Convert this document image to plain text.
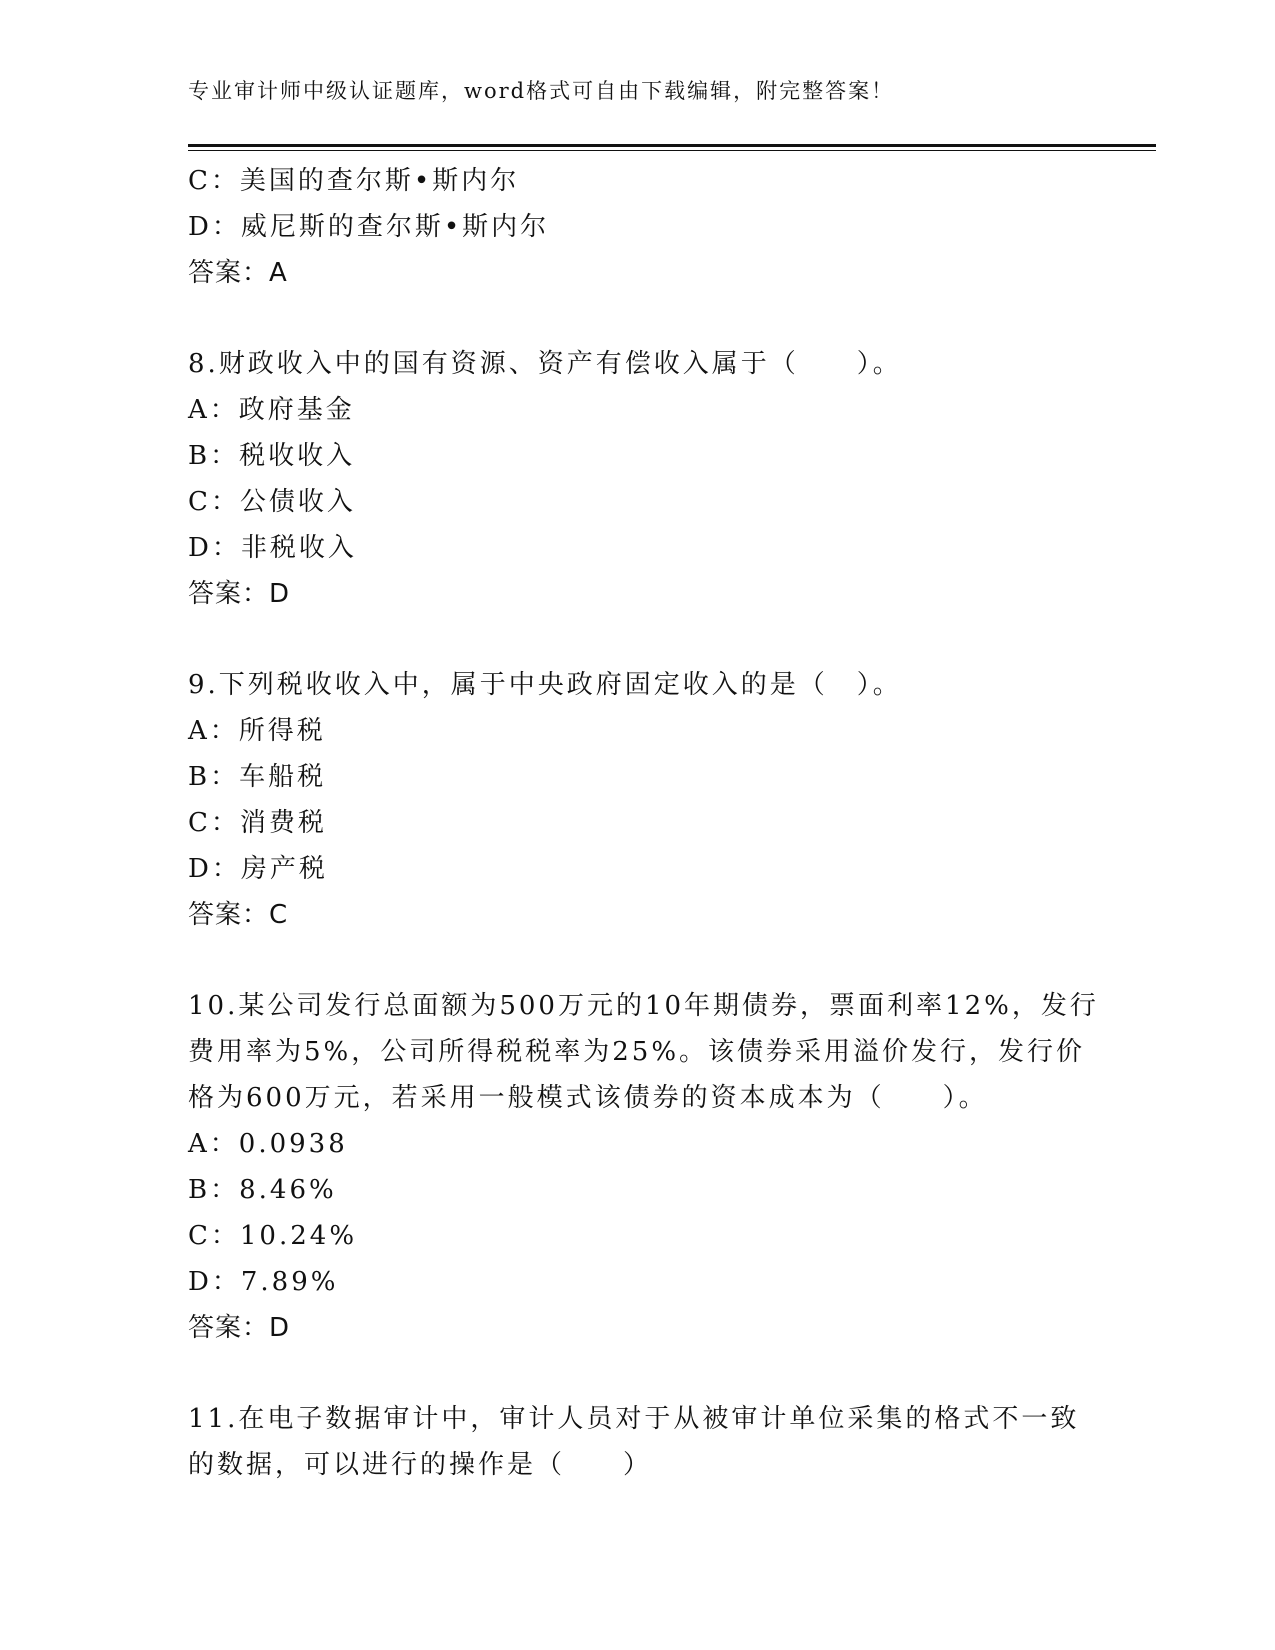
专业审计师中级认证题库，word格式可自由下载编辑，附完整答案！
C：美国的查尔斯•斯内尔
D：威尼斯的查尔斯•斯内尔
答案：A
8.财政收入中的国有资源、资产有偿收入属于（　　）。
A：政府基金
B：税收收入
C：公债收入
D：非税收入
答案：D
9.下列税收收入中，属于中央政府固定收入的是（　）。
A：所得税
B：车船税
C：消费税
D：房产税
答案：C
10.某公司发行总面额为500万元的10年期债券，票面利率12%，发行
费用率为5%，公司所得税税率为25%。该债券采用溢价发行，发行价
格为600万元，若采用一般模式该债券的资本成本为（　　）。
A：0.0938
B：8.46%
C：10.24%
D：7.89%
答案：D
11.在电子数据审计中，审计人员对于从被审计单位采集的格式不一致
的数据，可以进行的操作是（　　）
